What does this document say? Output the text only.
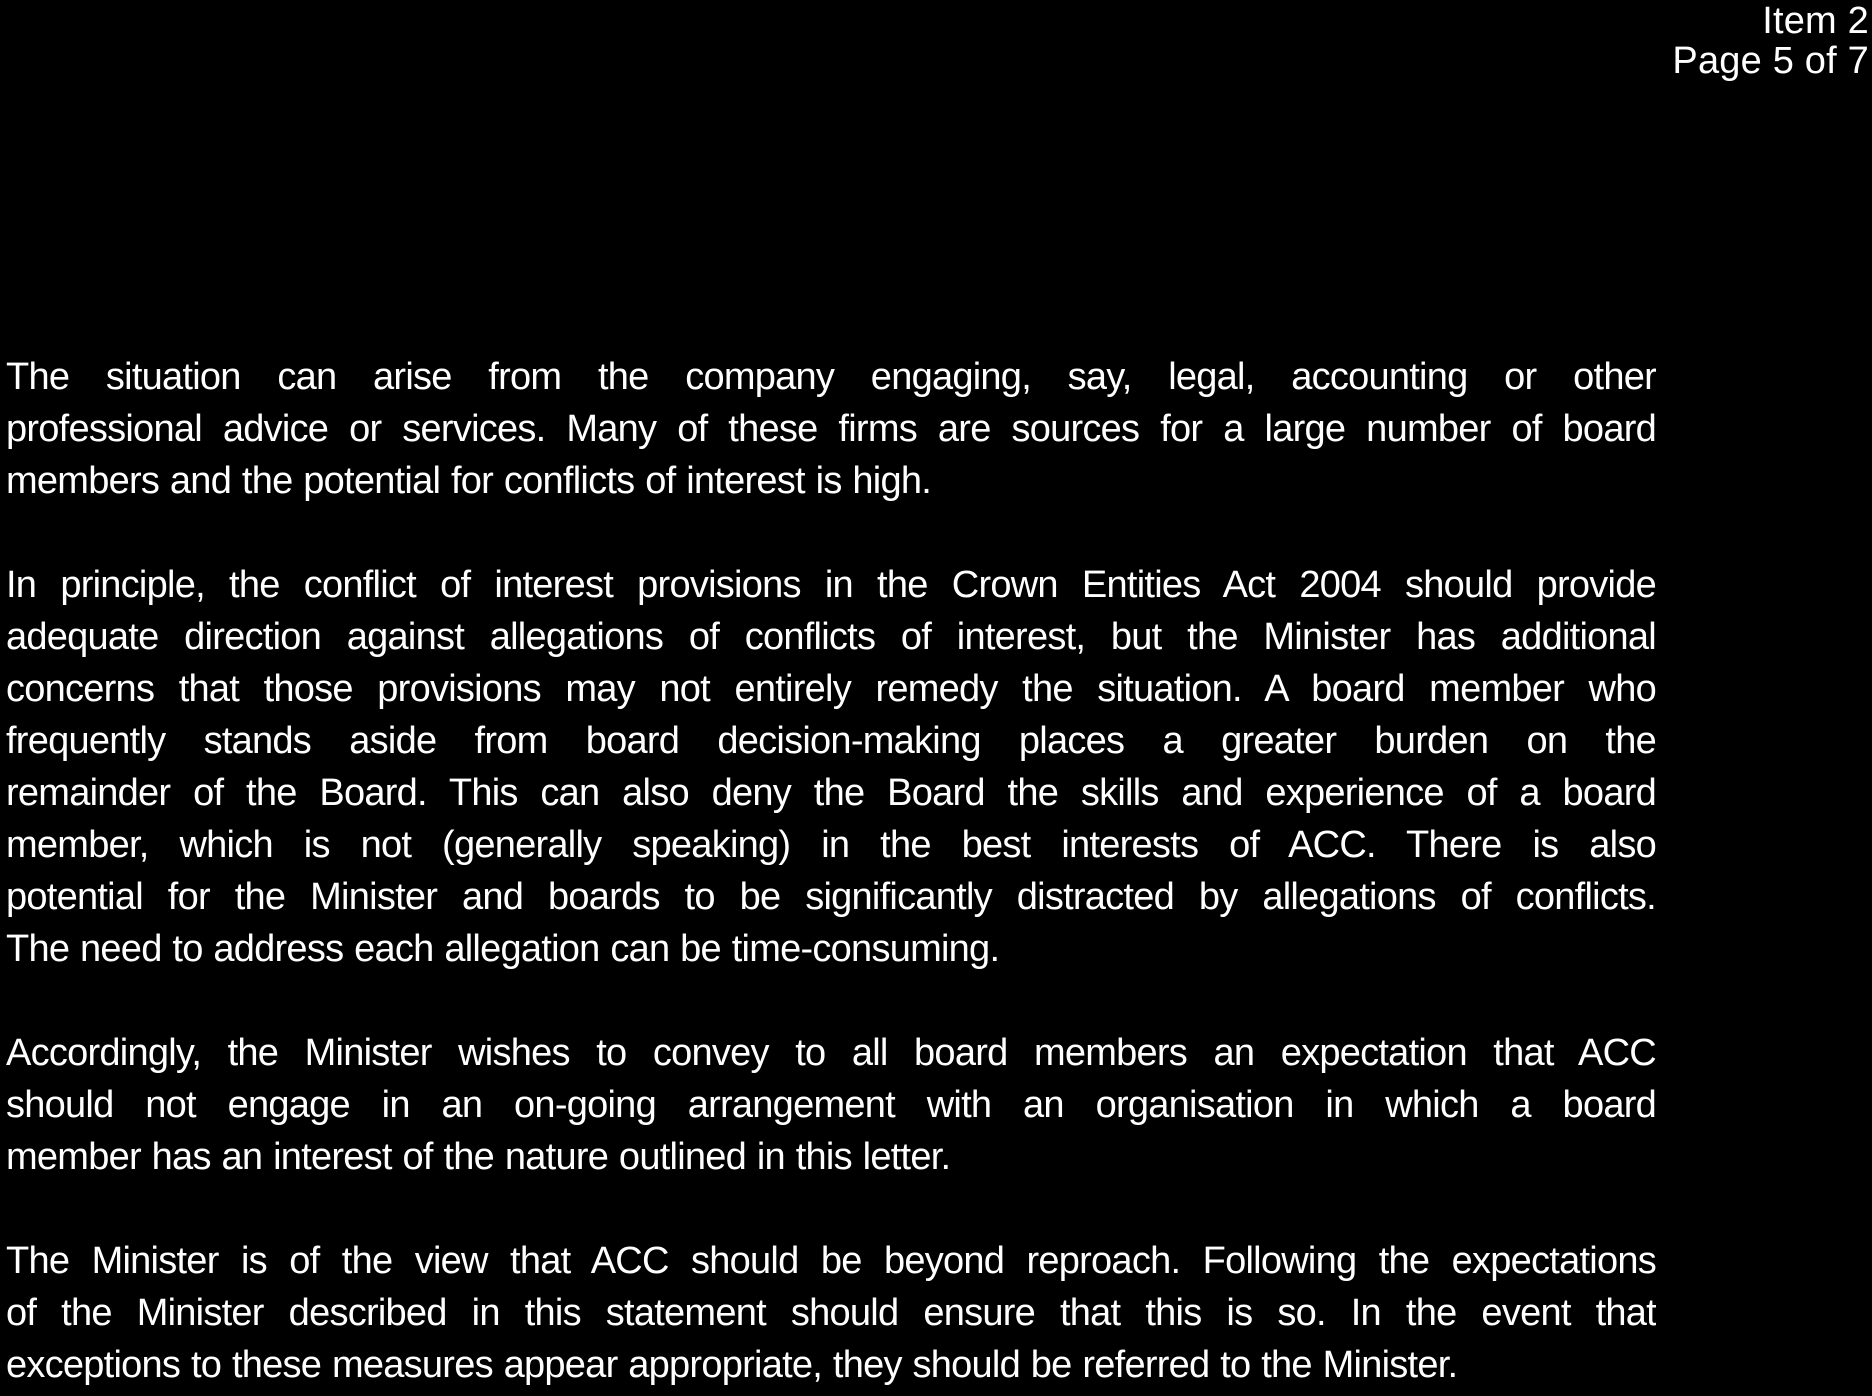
Item 2
Page 5 of 7
The situation can arise from the company engaging, say, legal, accounting or other
professional advice or services. Many of these firms are sources for a large number of board
members and the potential for conflicts of interest is high.
In principle, the conflict of interest provisions in the Crown Entities Act 2004 should provide
adequate direction against allegations of conflicts of interest, but the Minister has additional
concerns that those provisions may not entirely remedy the situation. A board member who
frequently stands aside from board decision-making places a greater burden on the
remainder of the Board. This can also deny the Board the skills and experience of a board
member, which is not (generally speaking) in the best interests of ACC. There is also
potential for the Minister and boards to be significantly distracted by allegations of conflicts.
The need to address each allegation can be time-consuming.
Accordingly, the Minister wishes to convey to all board members an expectation that ACC
should not engage in an on-going arrangement with an organisation in which a board
member has an interest of the nature outlined in this letter.
The Minister is of the view that ACC should be beyond reproach. Following the expectations
of the Minister described in this statement should ensure that this is so. In the event that
exceptions to these measures appear appropriate, they should be referred to the Minister.
